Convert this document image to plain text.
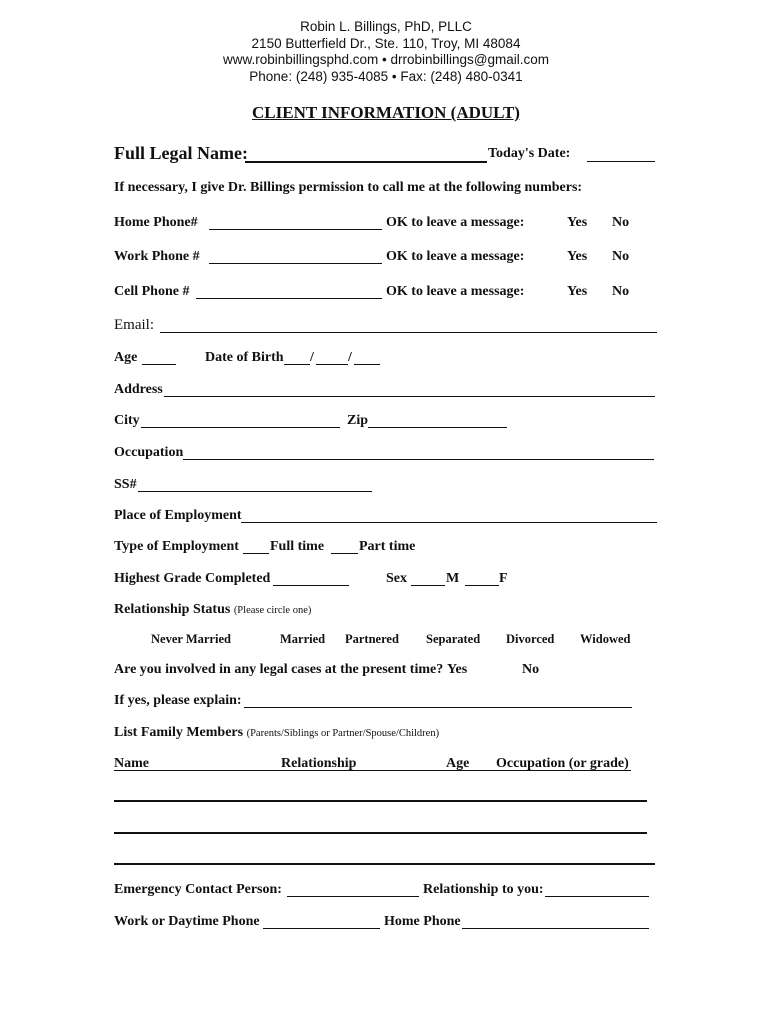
Robin L. Billings, PhD, PLLC
2150 Butterfield Dr., Ste. 110, Troy, MI 48084
www.robinbillingsphd.com • drrobinbillings@gmail.com
Phone: (248) 935-4085 • Fax: (248) 480-0341
CLIENT INFORMATION (ADULT)
Full Legal Name:	Today's Date:
If necessary, I give Dr. Billings permission to call me at the following numbers:
Home Phone#	OK to leave a message:	Yes No
Work Phone #	OK to leave a message:	Yes No
Cell Phone #	OK to leave a message:	Yes No
Email:
Age	Date of Birth / /
Address
City	Zip
Occupation
SS#
Place of Employment
Type of Employment Full time Part time
Highest Grade Completed	Sex	M	F
Relationship Status (Please circle one)
Never Married	Married Partnered Separated Divorced Widowed
Are you involved in any legal cases at the present time? Yes	No
If yes, please explain:
List Family Members (Parents/Siblings or Partner/Spouse/Children)
Name	Relationship	Age Occupation (or grade)
Emergency Contact Person:	Relationship to you:
Work or Daytime Phone	Home Phone
